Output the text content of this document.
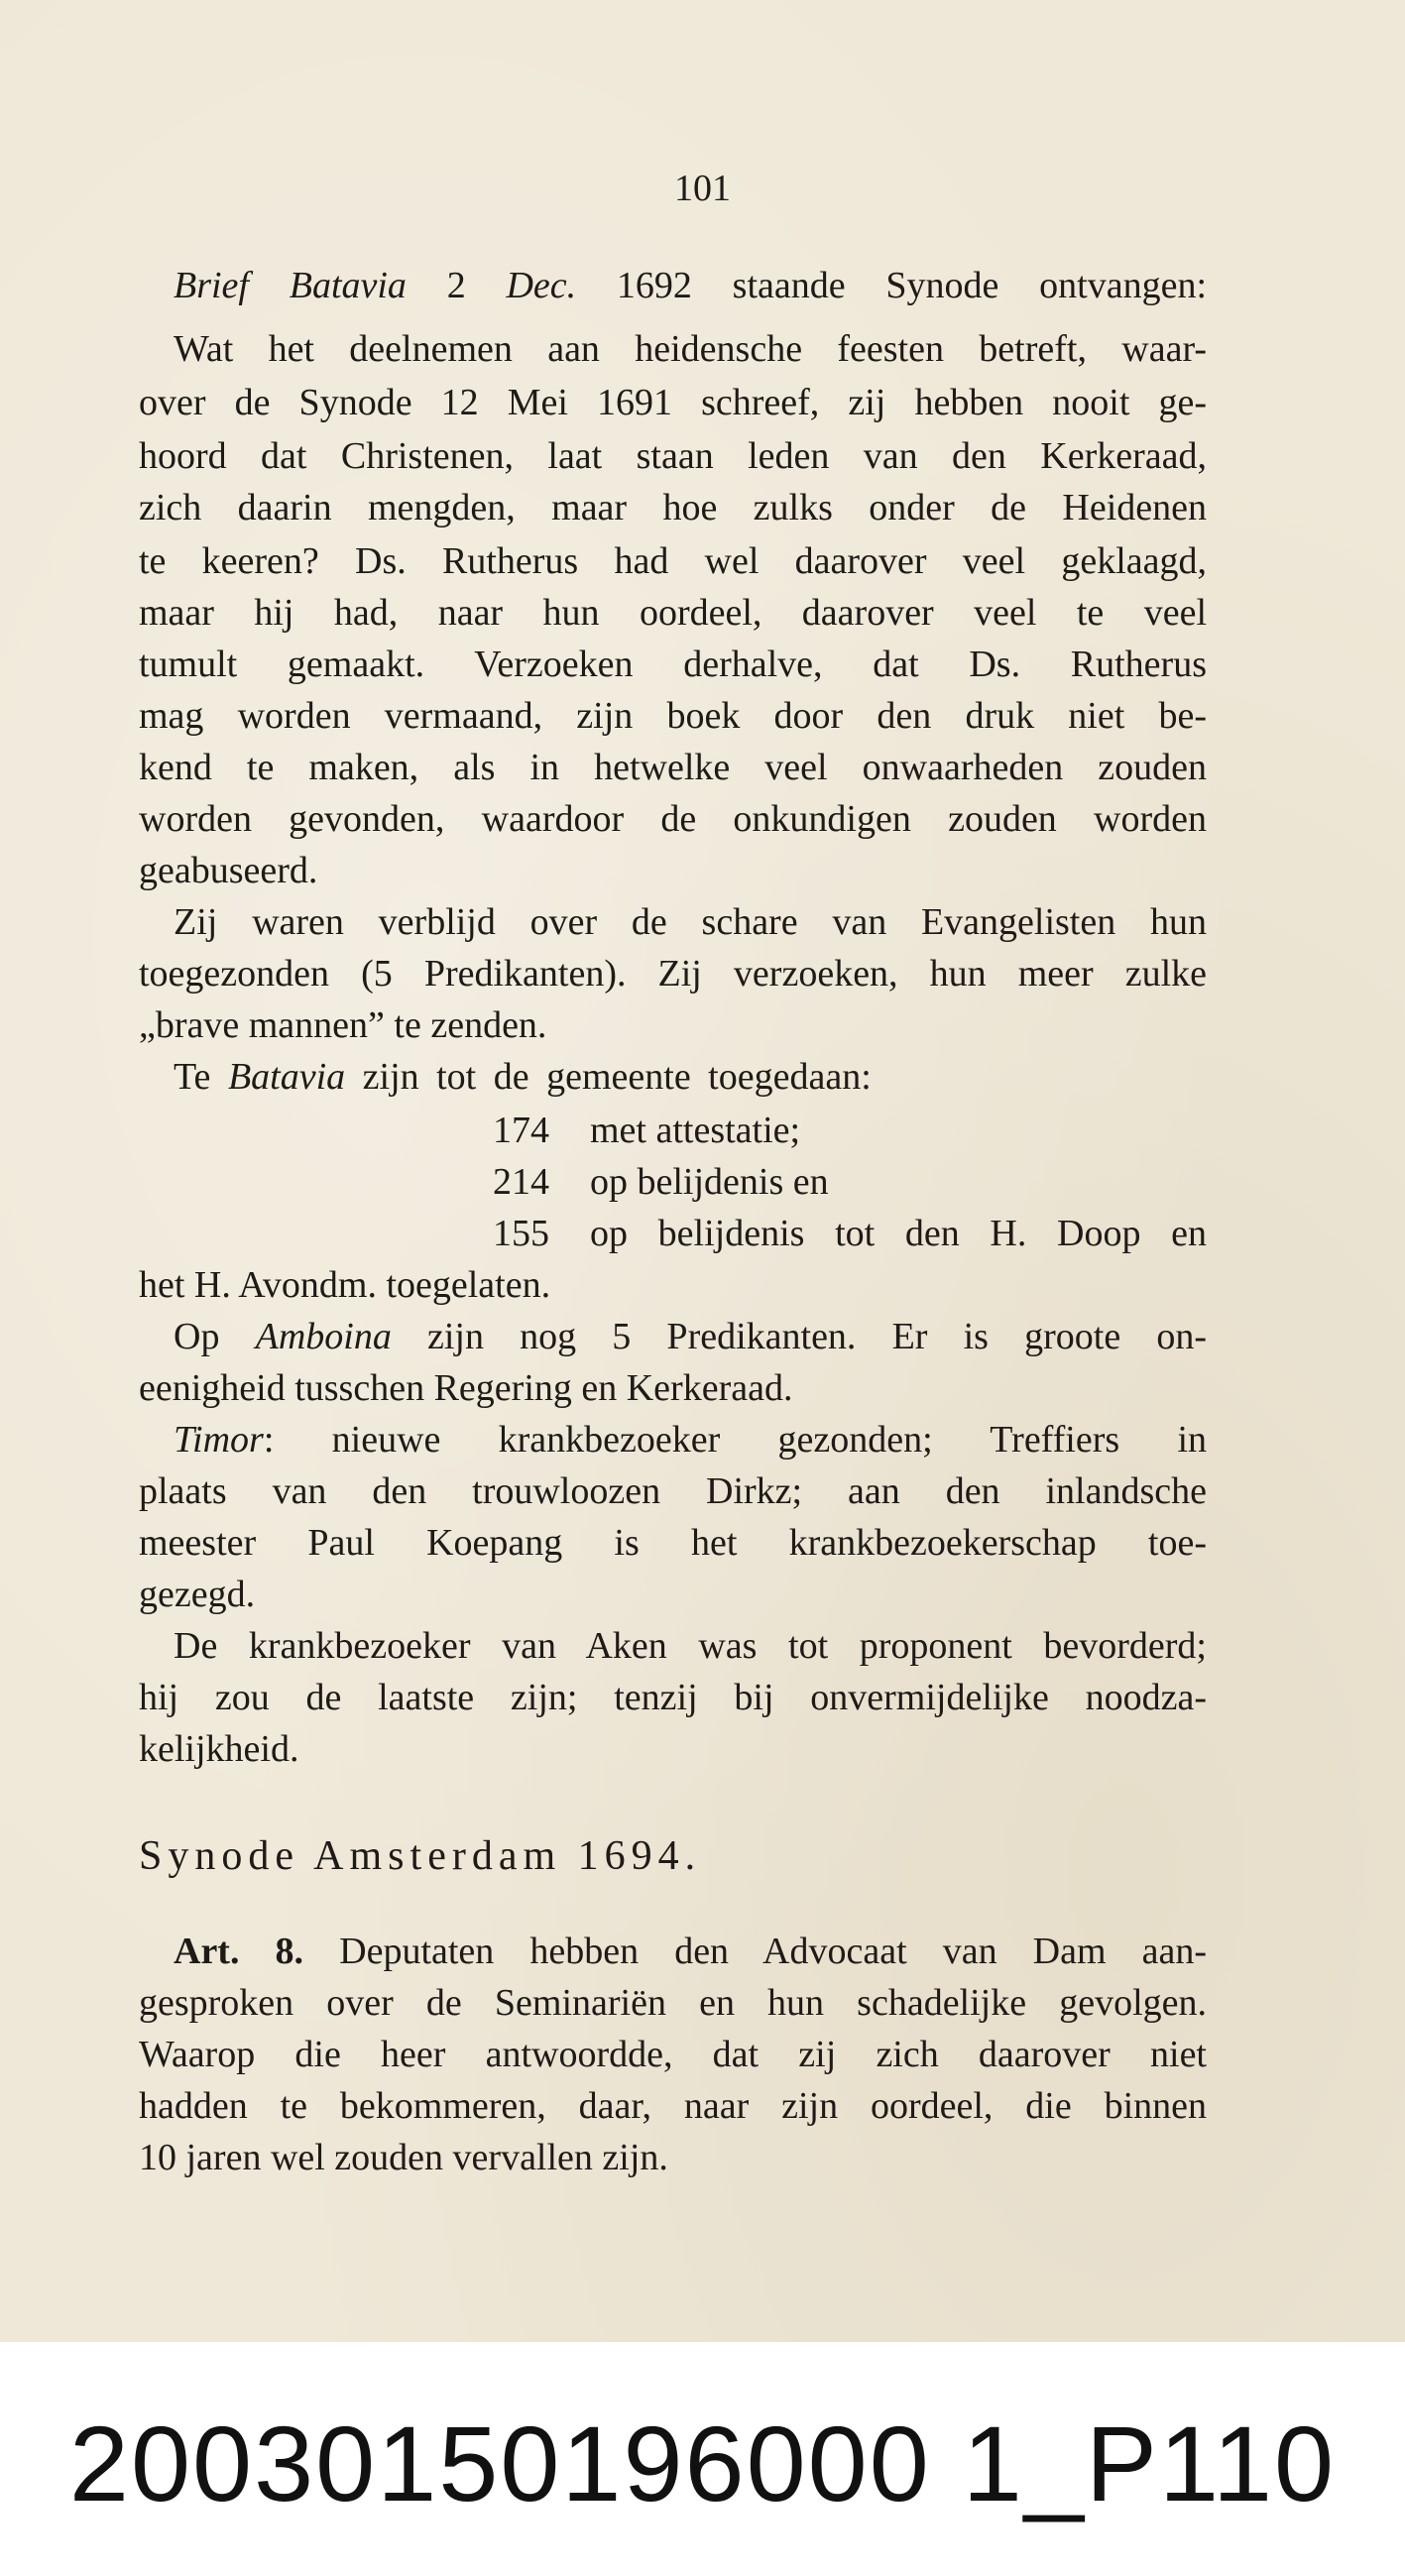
101
Brief Batavia 2 Dec. 1692 staande Synode ontvangen:
Wat het deelnemen aan heidensche feesten betreft, waar-
over de Synode 12 Mei 1691 schreef, zij hebben nooit ge-
hoord dat Christenen, laat staan leden van den Kerkeraad,
zich daarin mengden, maar hoe zulks onder de Heidenen
te keeren? Ds. Rutherus had wel daarover veel geklaagd,
maar hij had, naar hun oordeel, daarover veel te veel
tumult gemaakt. Verzoeken derhalve, dat Ds. Rutherus
mag worden vermaand, zijn boek door den druk niet be-
kend te maken, als in hetwelke veel onwaarheden zouden
worden gevonden, waardoor de onkundigen zouden worden
geabuseerd.
Zij waren verblijd over de schare van Evangelisten hun
toegezonden (5 Predikanten). Zij verzoeken, hun meer zulke
„brave mannen” te zenden.
Te Batavia zijn tot de gemeente toegedaan:
174 met attestatie;
214 op belijdenis en
155 op belijdenis tot den H. Doop en
het H. Avondm. toegelaten.
Op Amboina zijn nog 5 Predikanten. Er is groote on-
eenigheid tusschen Regering en Kerkeraad.
Timor: nieuwe krankbezoeker gezonden; Treffiers in
plaats van den trouwloozen Dirkz; aan den inlandsche
meester Paul Koepang is het krankbezoekerschap toe-
gezegd.
De krankbezoeker van Aken was tot proponent bevorderd;
hij zou de laatste zijn; tenzij bij onvermijdelijke noodza-
kelijkheid.
Synode Amsterdam 1694.
Art. 8. Deputaten hebben den Advocaat van Dam aan-
gesproken over de Seminariën en hun schadelijke gevolgen.
Waarop die heer antwoordde, dat zij zich daarover niet
hadden te bekommeren, daar, naar zijn oordeel, die binnen
10 jaren wel zouden vervallen zijn.
20030150196000 1_P110
